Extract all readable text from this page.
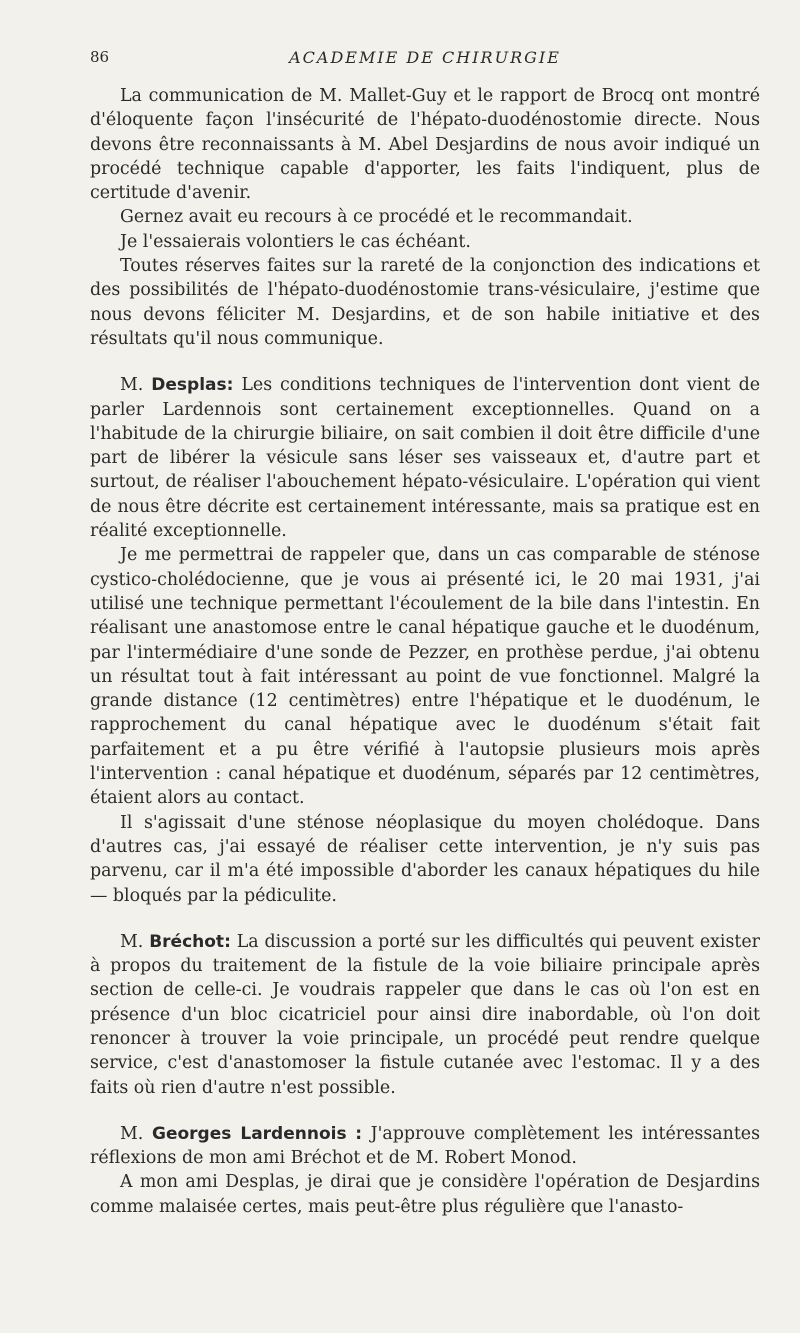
86	ACADEMIE DE CHIRURGIE

La communication de M. Mallet-Guy et le rapport de Brocq ont montré d'éloquente façon l'insécurité de l'hépato-duodénostomie directe. Nous devons être reconnaissants à M. Abel Desjardins de nous avoir indiqué un procédé technique capable d'apporter, les faits l'indiquent, plus de certitude d'avenir.

Gernez avait eu recours à ce procédé et le recommandait.

Je l'essaierais volontiers le cas échéant.

Toutes réserves faites sur la rareté de la conjonction des indications et des possibilités de l'hépato-duodénostomie trans-vésiculaire, j'estime que nous devons féliciter M. Desjardins, et de son habile initiative et des résultats qu'il nous communique.

M. Desplas: Les conditions techniques de l'intervention dont vient de parler Lardennois sont certainement exceptionnelles. Quand on a l'habitude de la chirurgie biliaire, on sait combien il doit être difficile d'une part de libérer la vésicule sans léser ses vaisseaux et, d'autre part et surtout, de réaliser l'abouchement hépato-vésiculaire. L'opération qui vient de nous être décrite est certainement intéressante, mais sa pratique est en réalité exceptionnelle.

Je me permettrai de rappeler que, dans un cas comparable de sténose cystico-cholédocienne, que je vous ai présenté ici, le 20 mai 1931, j'ai utilisé une technique permettant l'écoulement de la bile dans l'intestin. En réalisant une anastomose entre le canal hépatique gauche et le duodénum, par l'intermédiaire d'une sonde de Pezzer, en prothèse perdue, j'ai obtenu un résultat tout à fait intéressant au point de vue fonctionnel. Malgré la grande distance (12 centimètres) entre l'hépatique et le duodénum, le rapprochement du canal hépatique avec le duodénum s'était fait parfaitement et a pu être vérifié à l'autopsie plusieurs mois après l'intervention : canal hépatique et duodénum, séparés par 12 centimètres, étaient alors au contact.

Il s'agissait d'une sténose néoplasique du moyen cholédoque. Dans d'autres cas, j'ai essayé de réaliser cette intervention, je n'y suis pas parvenu, car il m'a été impossible d'aborder les canaux hépatiques du hile — bloqués par la pédiculite.

M. Bréchot: La discussion a porté sur les difficultés qui peuvent exister à propos du traitement de la fistule de la voie biliaire principale après section de celle-ci. Je voudrais rappeler que dans le cas où l'on est en présence d'un bloc cicatriciel pour ainsi dire inabordable, où l'on doit renoncer à trouver la voie principale, un procédé peut rendre quelque service, c'est d'anastomoser la fistule cutanée avec l'estomac. Il y a des faits où rien d'autre n'est possible.

M. Georges Lardennois : J'approuve complètement les intéressantes réflexions de mon ami Bréchot et de M. Robert Monod.

A mon ami Desplas, je dirai que je considère l'opération de Desjardins comme malaisée certes, mais peut-être plus régulière que l'anasto-
